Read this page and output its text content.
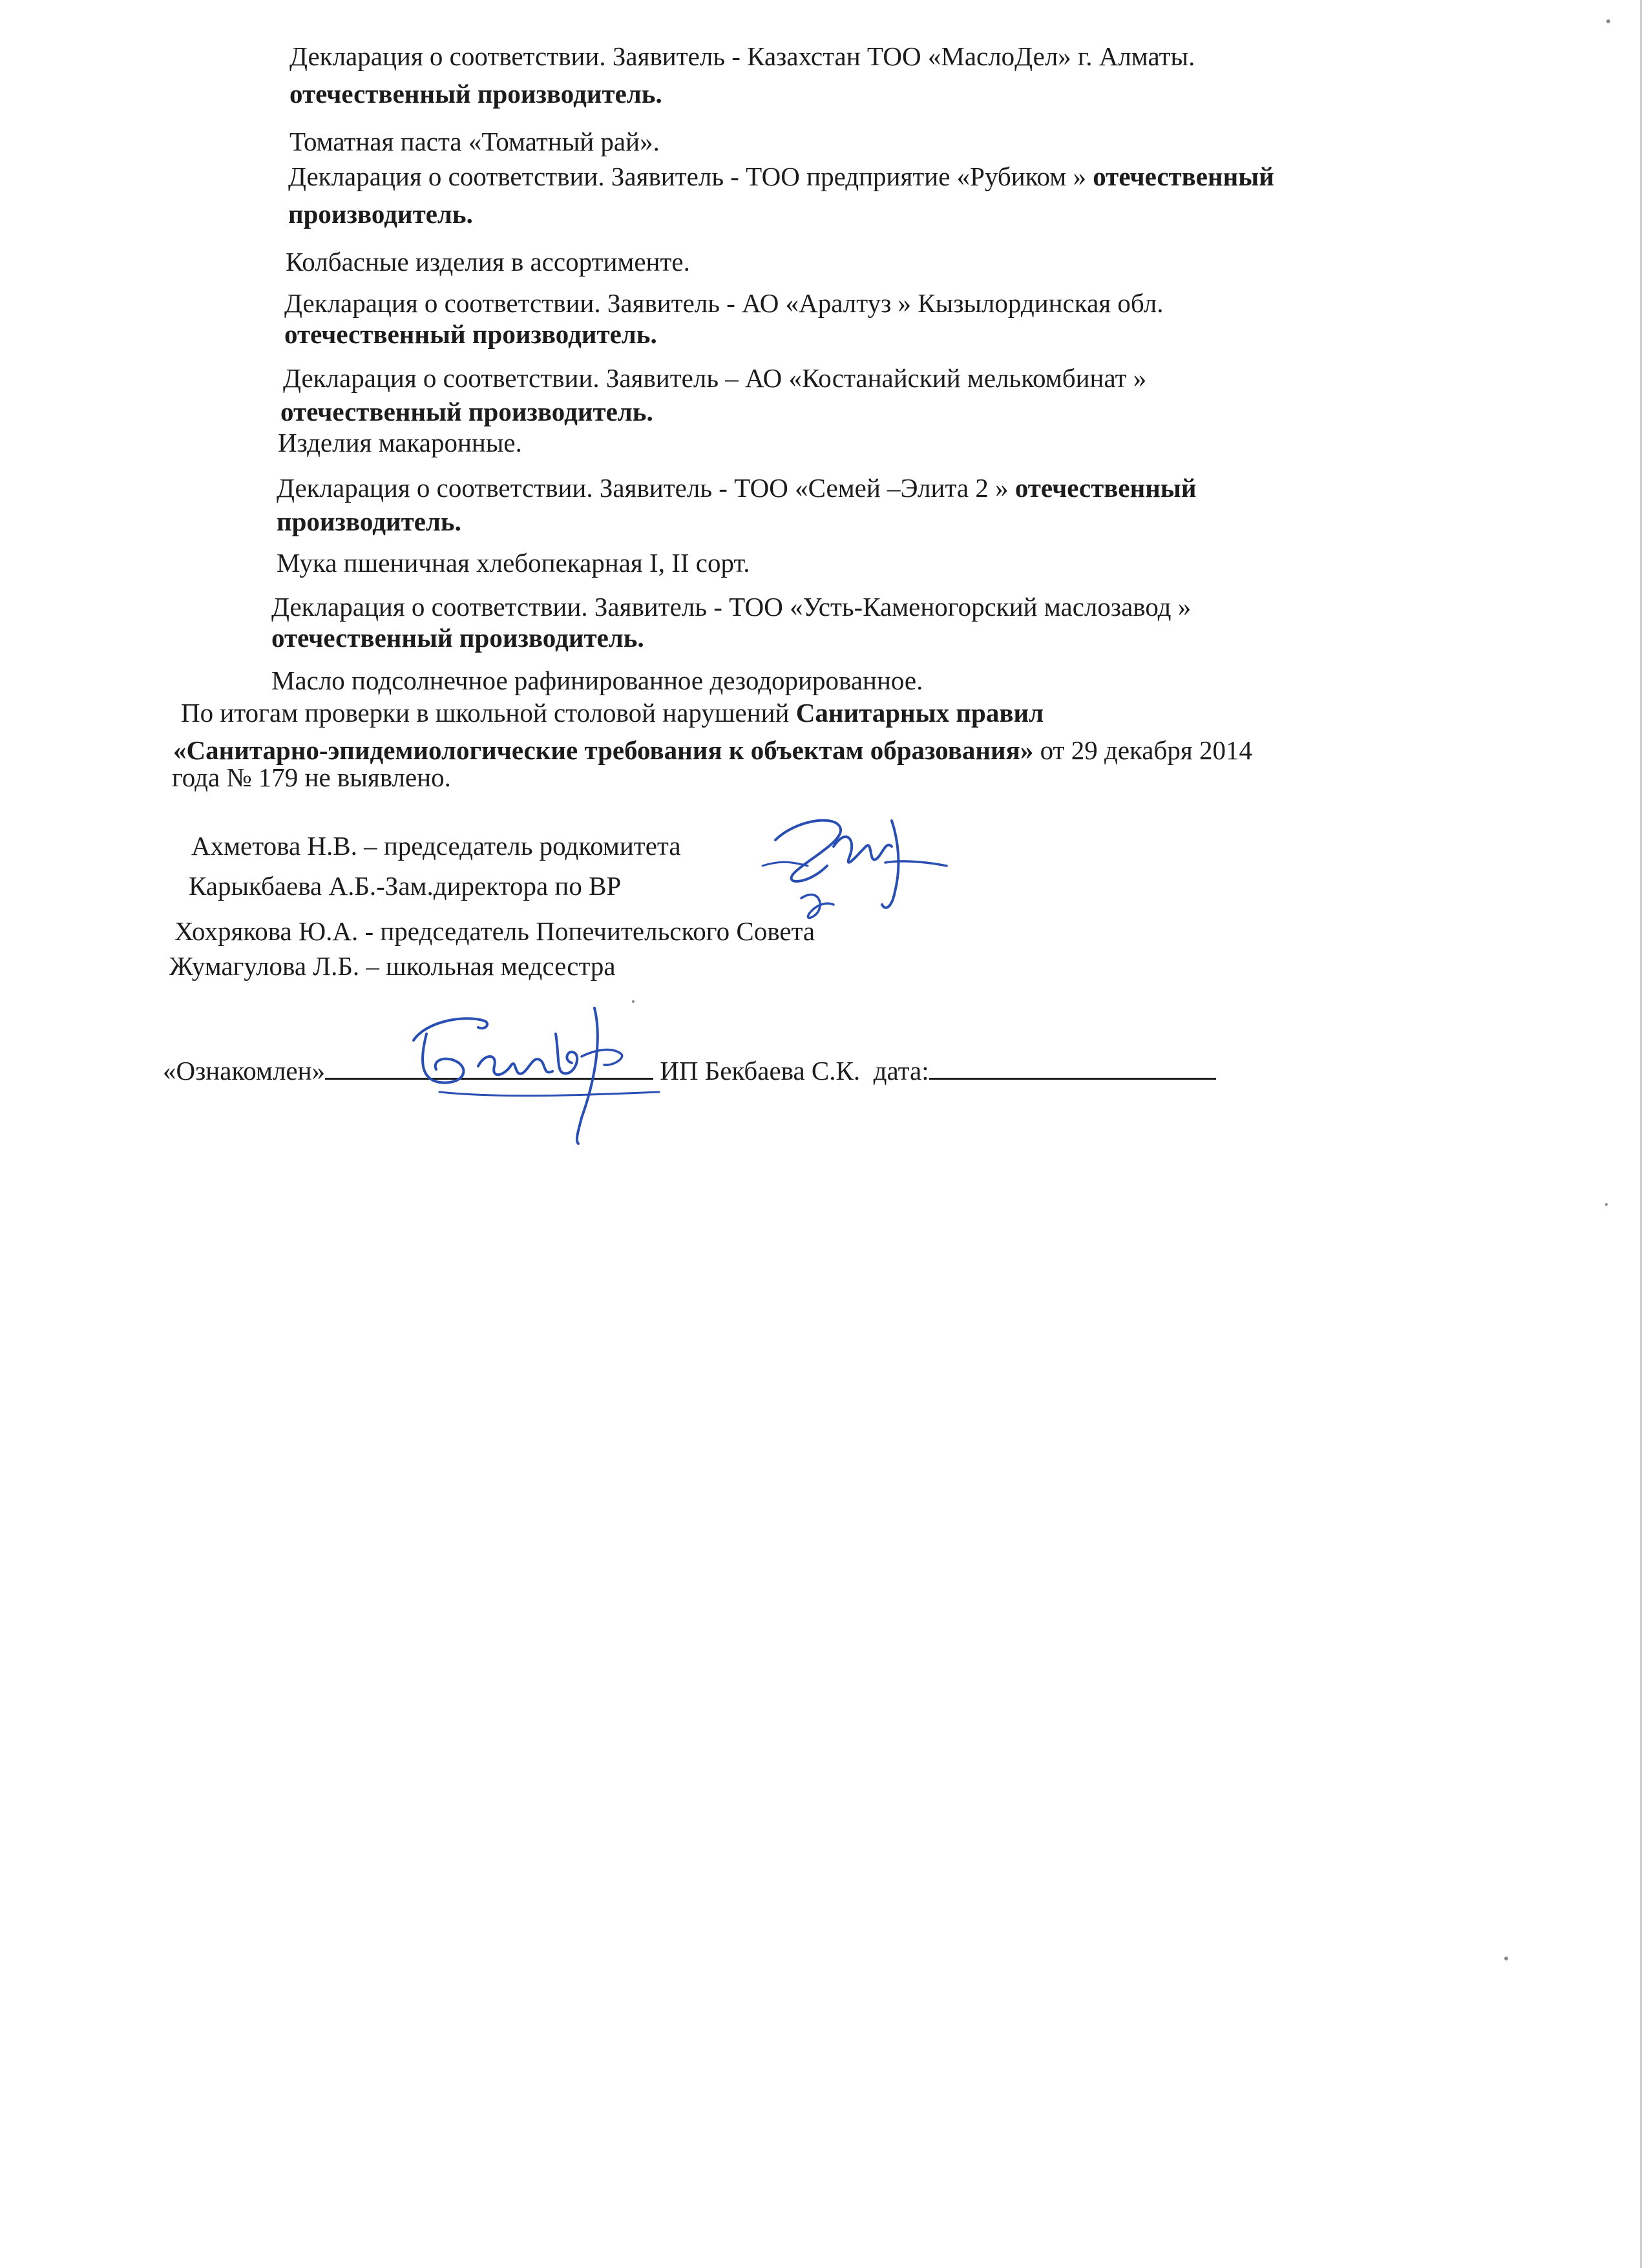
Декларация о соответствии. Заявитель - Казахстан ТОО «МаслоДел» г. Алматы.
отечественный производитель.
Томатная паста «Томатный рай».
Декларация о соответствии. Заявитель - ТОО предприятие «Рубиком » отечественный
производитель.
Колбасные изделия в ассортименте.
Декларация о соответствии. Заявитель - АО «Аралтуз » Кызылординская обл.
отечественный производитель.
Декларация о соответствии. Заявитель – АО «Костанайский мелькомбинат »
отечественный производитель.
Изделия макаронные.
Декларация о соответствии. Заявитель - ТОО «Семей –Элита 2 » отечественный
производитель.
Мука пшеничная хлебопекарная I, II сорт.
Декларация о соответствии. Заявитель - ТОО «Усть-Каменогорский маслозавод »
отечественный производитель.
Масло подсолнечное рафинированное дезодорированное.
По итогам проверки в школьной столовой нарушений Санитарных правил
«Санитарно-эпидемиологические требования к объектам образования» от 29 декабря 2014
года № 179 не выявлено.
Ахметова Н.В. – председатель родкомитета
Карыкбаева А.Б.-Зам.директора по ВР
Хохрякова Ю.А. - председатель Попечительского Совета
Жумагулова Л.Б. – школьная медсестра
«Ознакомлен»	ИП Бекбаева С.К. дата:
